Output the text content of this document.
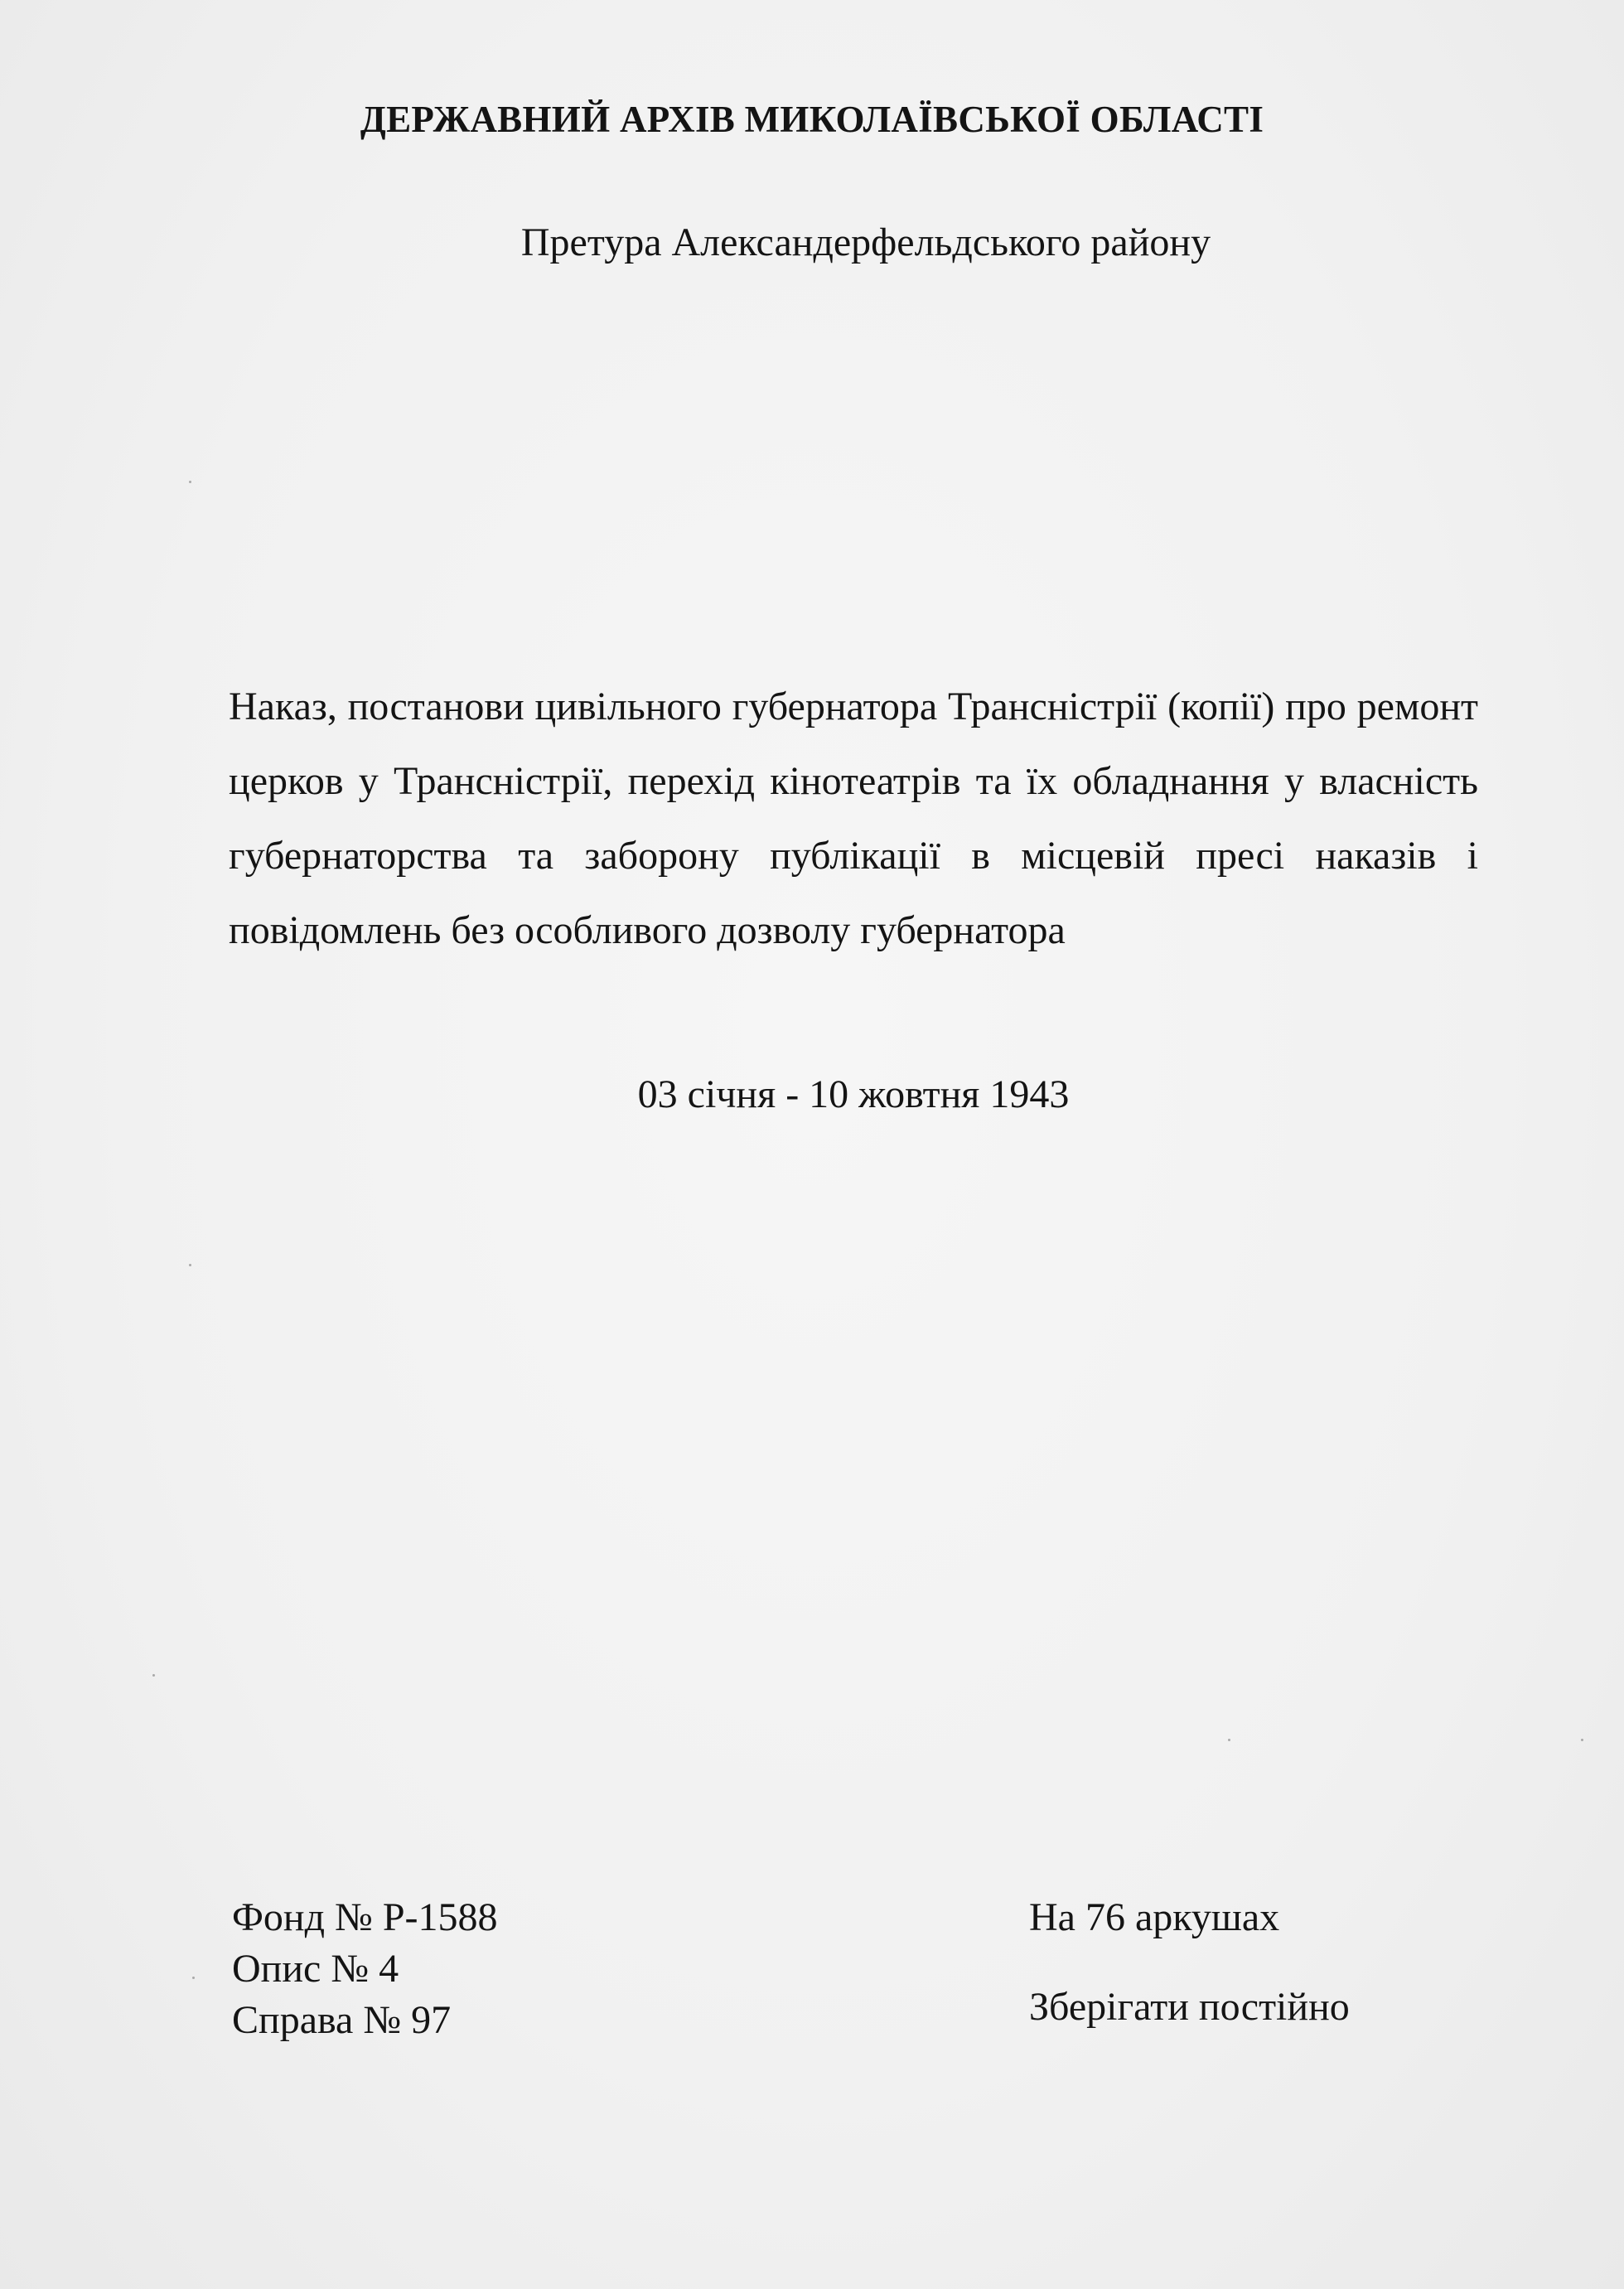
ДЕРЖАВНИЙ АРХІВ МИКОЛАЇВСЬКОЇ ОБЛАСТІ
Претура Александерфельдського району

Наказ, постанови цивільного губернатора Трансністрії (копії) про ремонт церков у Трансністрії, перехід кінотеатрів та їх обладнання у власність губернаторства та заборону публікації в місцевій пресі наказів і повідомлень без особливого дозволу губернатора

03 січня - 10 жовтня 1943
Фонд № Р-1588
Опис № 4
Справа № 97
На 76 аркушах
Зберігати постійно
